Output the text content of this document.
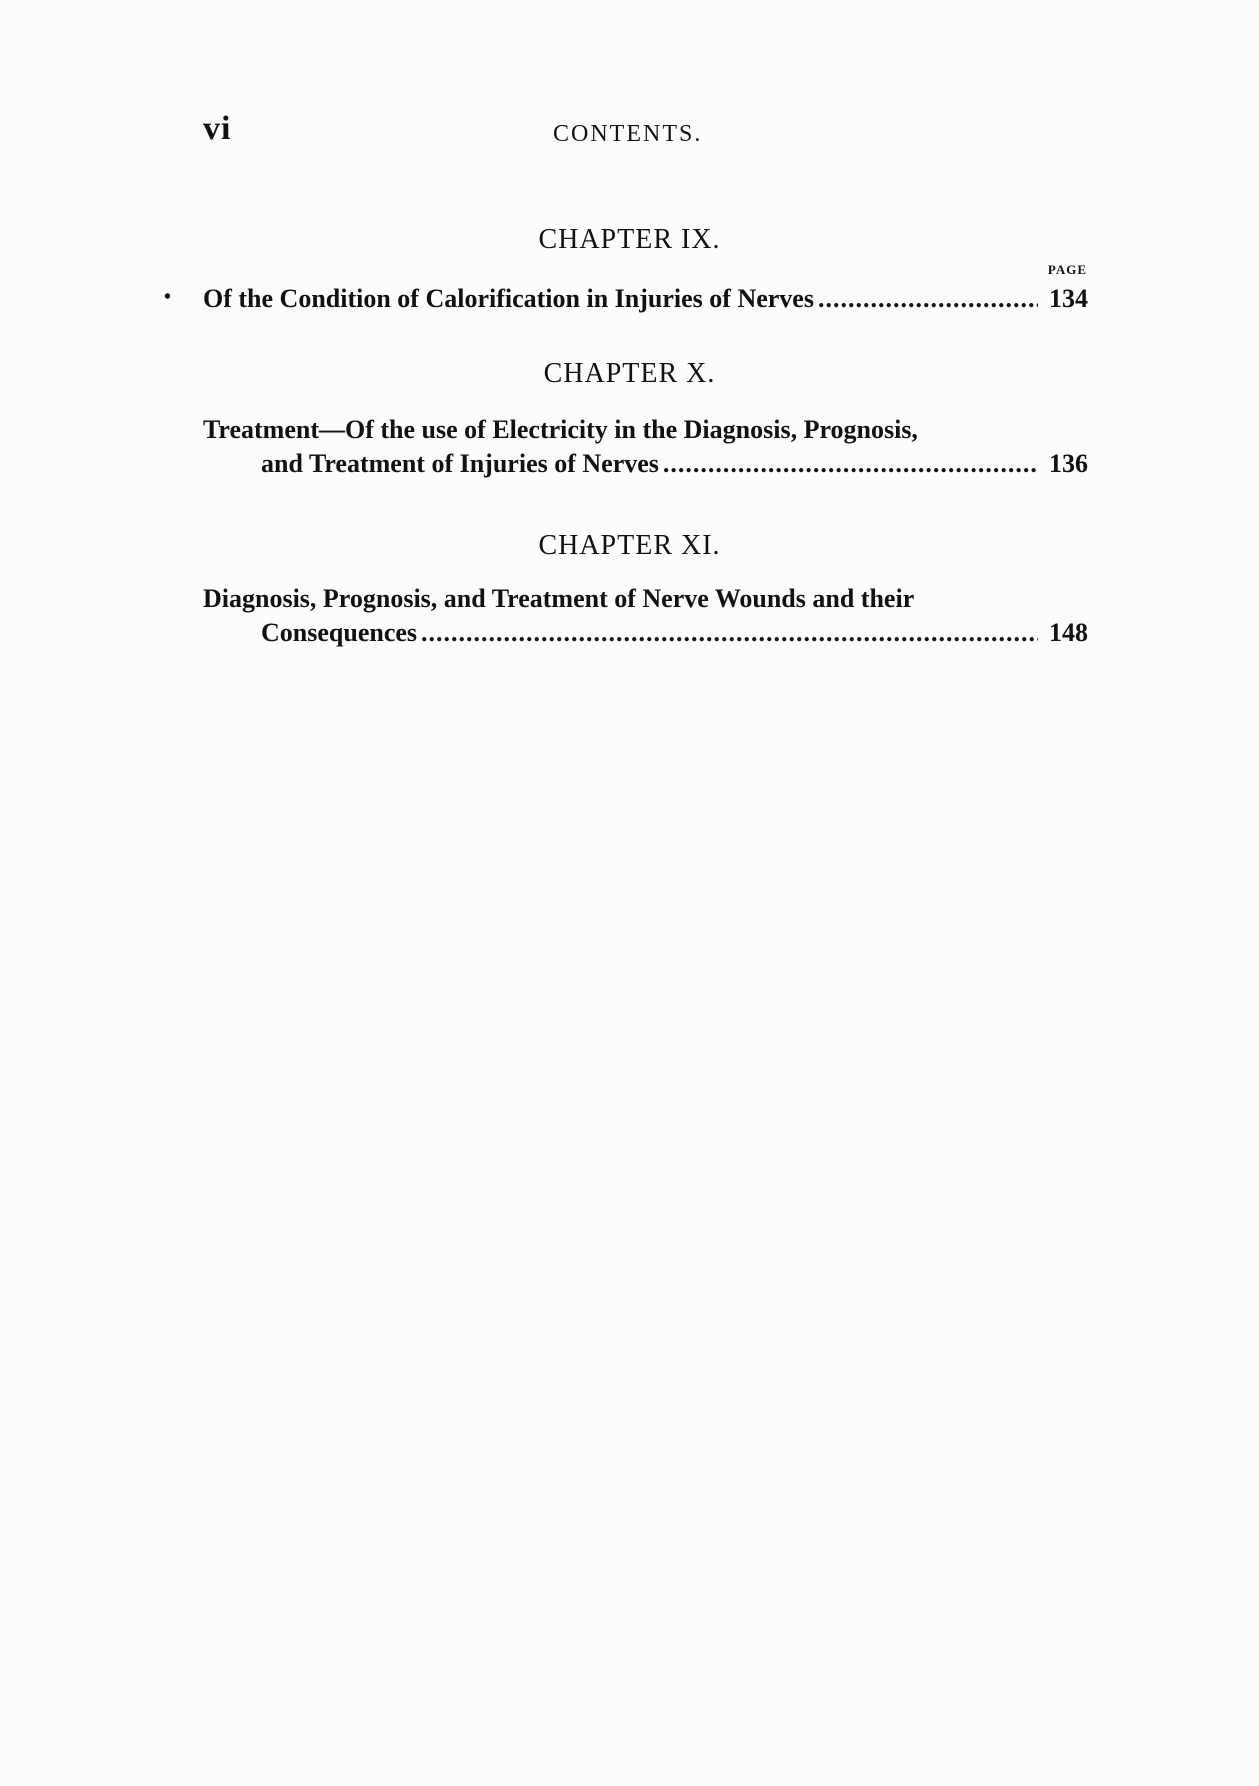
vi	CONTENTS.
CHAPTER IX.
PAGE
• Of the Condition of Calorification in Injuries of Nerves .....	134
CHAPTER X.
Treatment—Of the use of Electricity in the Diagnosis, Prognosis,
and Treatment of Injuries of Nerves .....	136
CHAPTER XI.
Diagnosis, Prognosis, and Treatment of Nerve Wounds and their
Consequences .....	148
